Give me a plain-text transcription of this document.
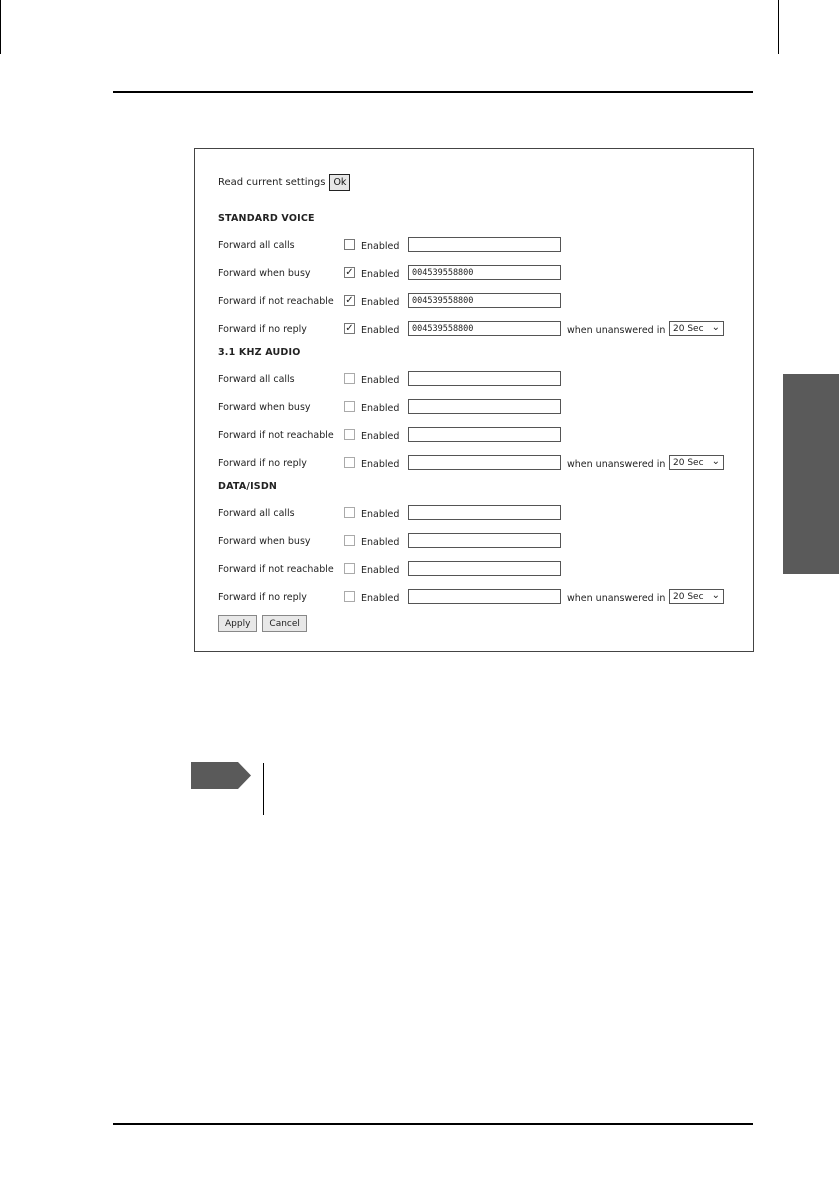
Read current settings Ok
STANDARD VOICE
Forward all calls	Enabled
Forward when busy	✓ Enabled	004539558800
Forward if not reachable ✓ Enabled	004539558800
Forward if no reply	✓ Enabled	004539558800	when unanswered in 20 Sec ⌄
3.1 KHZ AUDIO
Forward all calls	Enabled
Forward when busy	Enabled
Forward if not reachable	Enabled
Forward if no reply	Enabled	when unanswered in 20 Sec ⌄
DATA/ISDN
Forward all calls	Enabled
Forward when busy	Enabled
Forward if not reachable	Enabled
Forward if no reply	Enabled	when unanswered in 20 Sec ⌄
Apply	Cancel
